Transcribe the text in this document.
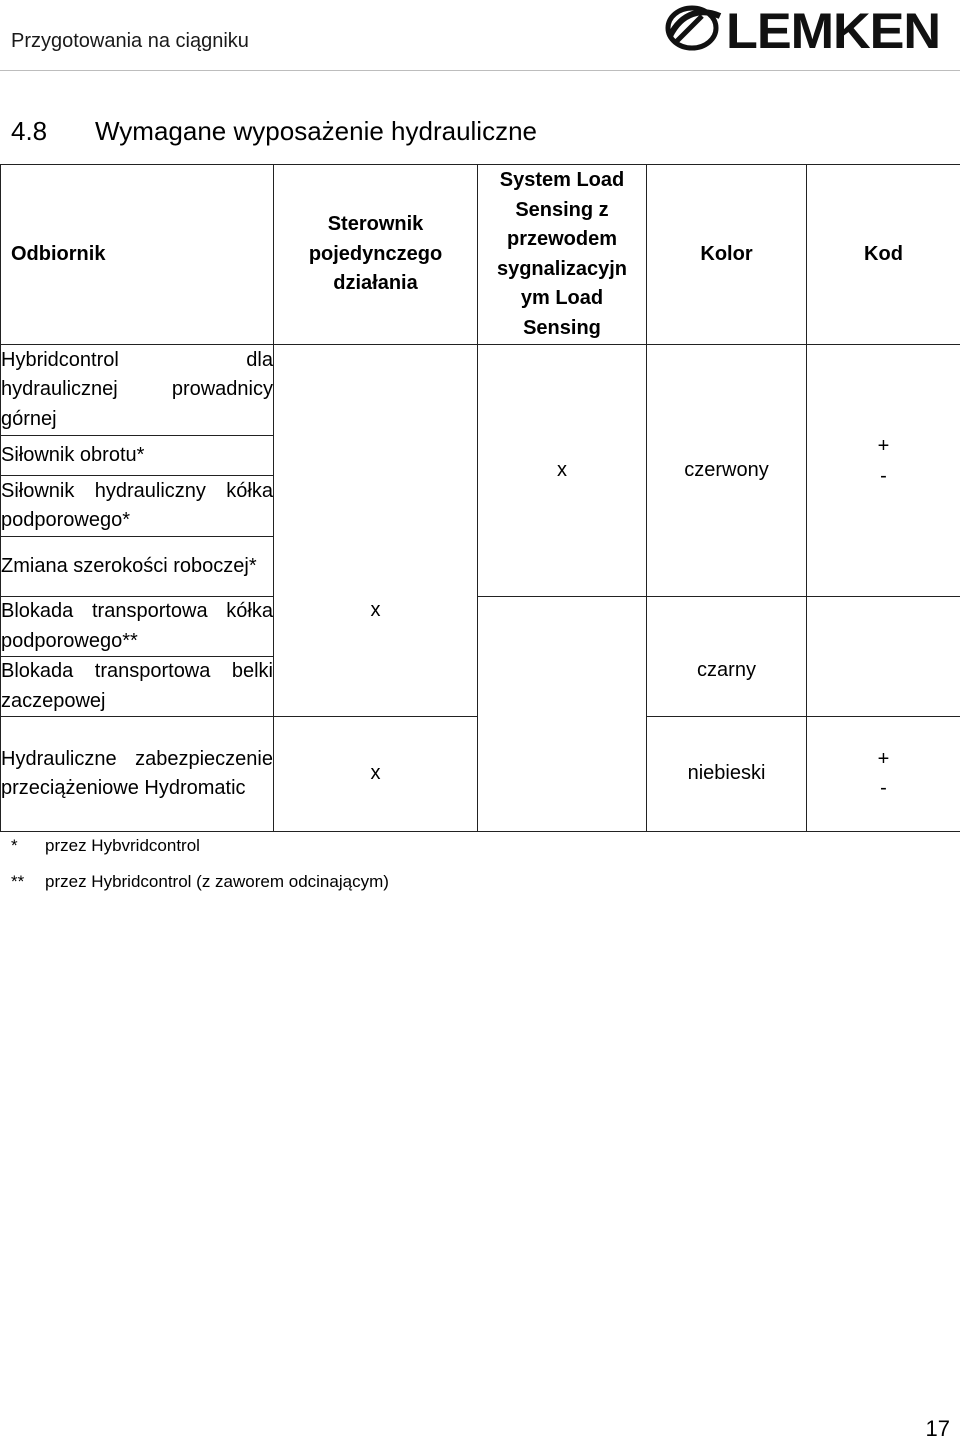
Przygotowania na ciągniku	LEMKEN
4.8	Wymagane wyposażenie hydrauliczne
Odbiornik	Sterownik pojedynczego działania	System Load Sensing z przewodem sygnalizacyjn ym Load Sensing	Kolor	Kod

Hybridcontrol dla hydraulicznej prowadnicy górnej	x	x	czerwony	+
-

Siłownik obrotu*				

Siłownik hydrauliczny kółka podporowego*				

Zmiana szerokości roboczej*				

Blokada transportowa kółka podporowego**			czarny	

Blokada transportowa belki zaczepowej				

Hydrauliczne zabezpieczenie przeciążeniowe Hydromatic	x		niebieski	+
-
* przez Hybvridcontrol
** przez Hybridcontrol (z zaworem odcinającym)
17
